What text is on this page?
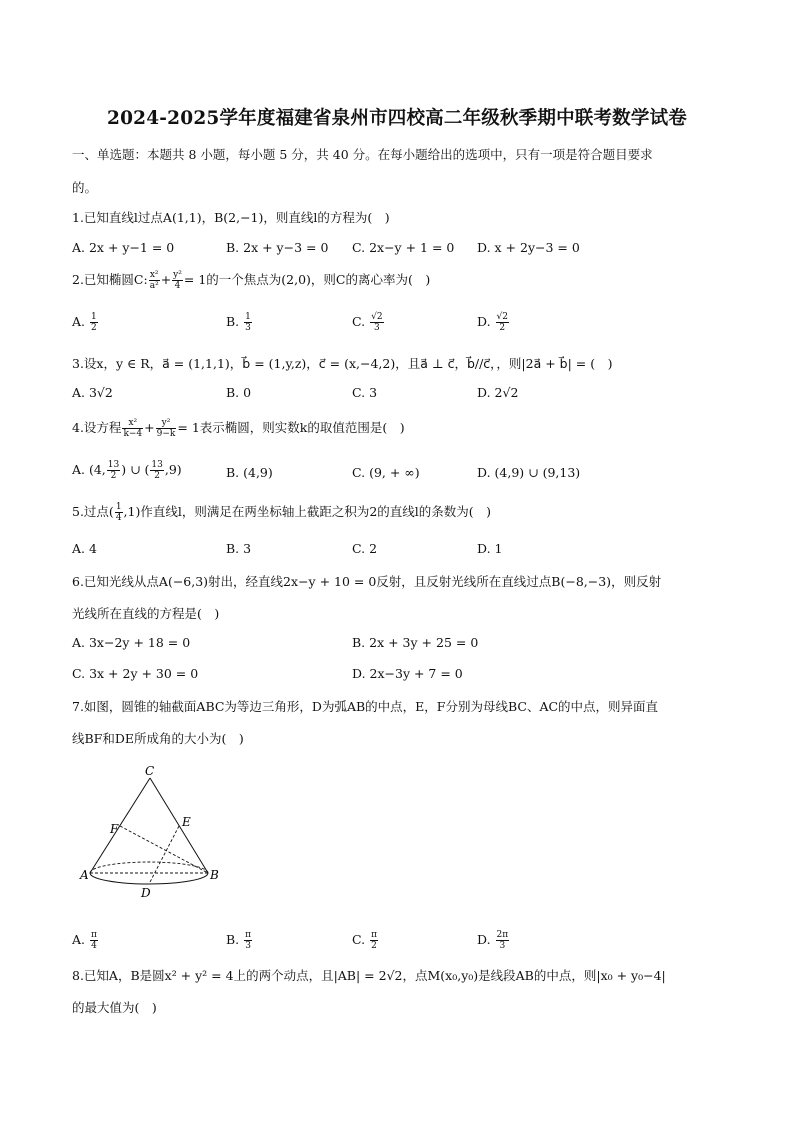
2024-2025学年度福建省泉州市四校高二年级秋季期中联考数学试卷
一、单选题：本题共 8 小题，每小题 5 分，共 40 分。在每小题给出的选项中，只有一项是符合题目要求
的。
1.已知直线l过点A(1,1)，B(2,−1)，则直线l的方程为(　)
A. 2x + y−1 = 0	B. 2x + y−3 = 0 C. 2x−y + 1 = 0 D. x + 2y−3 = 0
2.已知椭圆C: $\frac{\text{x²}}{\text{a²}} + \frac{\text{y²}}{4} = 1$的一个焦点为(2,0)，则C的离心率为(　)
A. $\frac{1}{2}$	B. $\frac{1}{3}$	C. $\frac{√2}{3}$	D. $\frac{√2}{2}$
3.设x，y ∈ R，a⃗ = (1,1,1)，b⃗ = (1,y,z)，c⃗ = (x,−4,2)，且a⃗ ⊥ c⃗，b⃗//c⃗，，则|2a⃗ + b⃗| = (　)
A. 3√2	B. 0	C. 3	D. 2√2
4.设方程 $\frac{\text{x²}}{k-4} + \frac{\text{y²}}{9-k} = 1$表示椭圆，则实数k的取值范围是(　)
A. (4, $\frac{13}{2}$ ) ∪ ( $\frac{13}{2} ,9$)	B. (4,9)	C. (9, + ∞)	D. (4,9) ∪ (9,13)
5.过点( $\frac{1}{4} ,1$)作直线l，则满足在两坐标轴上截距之积为2的直线l的条数为(　)
A. 4	B. 3	C. 2	D. 1
6.已知光线从点A(−6,3)射出，经直线2x−y + 10 = 0反射，且反射光线所在直线过点B(−8,−3)，则反射
光线所在直线的方程是(　)
A. 3x−2y + 18 = 0	B. 2x + 3y + 25 = 0
C. 3x + 2y + 30 = 0	D. 2x−3y + 7 = 0
7.如图，圆锥的轴截面ABC为等边三角形，D为弧AB的中点，E，F分别为母线BC、AC的中点，则异面直
线BF和DE所成角的大小为(　)
C
F	E
A	B
D
A. $\frac{\pi}{4}$	B. $\frac{\pi}{3}$	C. $\frac{\pi}{2}$	D. $\frac{2\pi}{3}$
8.已知A，B是圆x² + y² = 4上的两个动点，且|AB| = 2√2，点M(x₀,y₀)是线段AB的中点，则|x₀ + y₀−4|
的最大值为(　)
